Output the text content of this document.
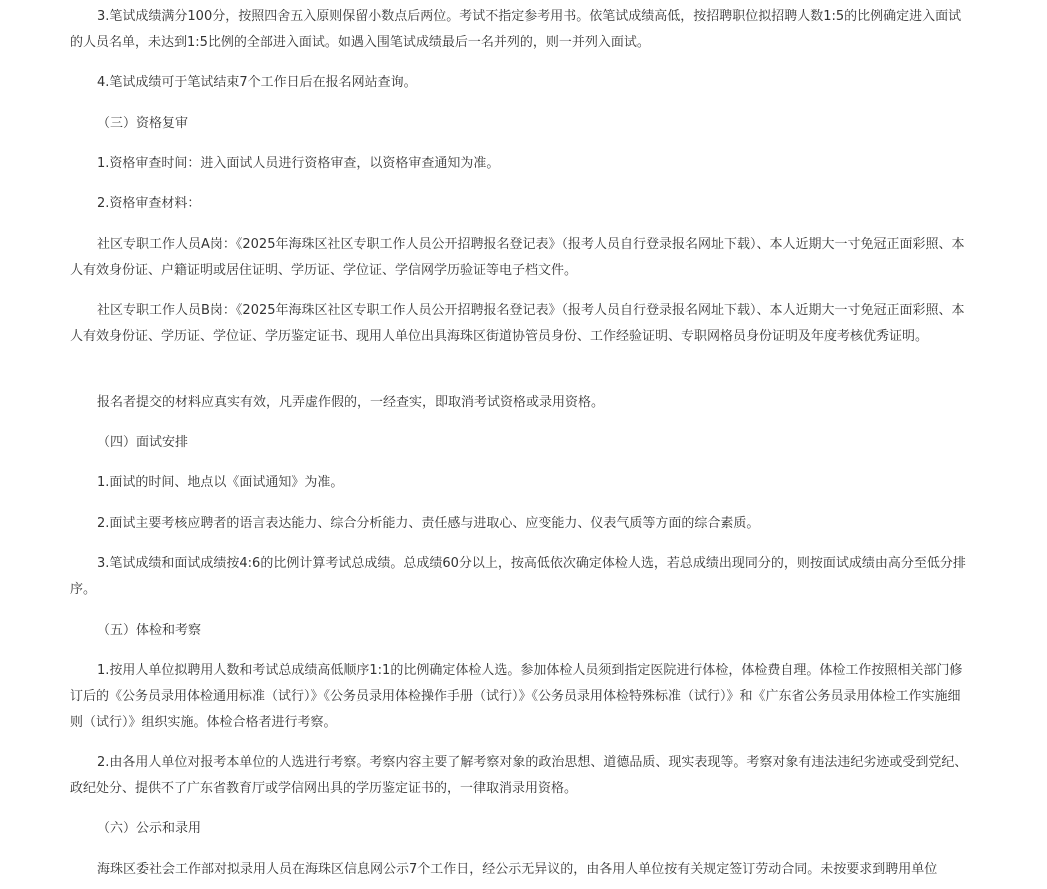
3.笔试成绩满分100分，按照四舍五入原则保留小数点后两位。考试不指定参考用书。依笔试成绩高低，按招聘职位拟招聘人数1:5的比例确定进入面试的人员名单，未达到1:5比例的全部进入面试。如遇入围笔试成绩最后一名并列的，则一并列入面试。

4.笔试成绩可于笔试结束7个工作日后在报名网站查询。

（三）资格复审

1.资格审查时间：进入面试人员进行资格审查，以资格审查通知为准。

2.资格审查材料：

社区专职工作人员A岗：《2025年海珠区社区专职工作人员公开招聘报名登记表》（报考人员自行登录报名网址下载）、本人近期大一寸免冠正面彩照、本人有效身份证、户籍证明或居住证明、学历证、学位证、学信网学历验证等电子档文件。

社区专职工作人员B岗：《2025年海珠区社区专职工作人员公开招聘报名登记表》（报考人员自行登录报名网址下载）、本人近期大一寸免冠正面彩照、本人有效身份证、学历证、学位证、学历鉴定证书、现用人单位出具海珠区街道协管员身份、工作经验证明、专职网格员身份证明及年度考核优秀证明。

报名者提交的材料应真实有效，凡弄虚作假的，一经查实，即取消考试资格或录用资格。

（四）面试安排

1.面试的时间、地点以《面试通知》为准。

2.面试主要考核应聘者的语言表达能力、综合分析能力、责任感与进取心、应变能力、仪表气质等方面的综合素质。

3.笔试成绩和面试成绩按4:6的比例计算考试总成绩。总成绩60分以上，按高低依次确定体检人选，若总成绩出现同分的，则按面试成绩由高分至低分排序。

（五）体检和考察

1.按用人单位拟聘用人数和考试总成绩高低顺序1:1的比例确定体检人选。参加体检人员须到指定医院进行体检，体检费自理。体检工作按照相关部门修订后的《公务员录用体检通用标准（试行）》《公务员录用体检操作手册（试行）》《公务员录用体检特殊标准（试行）》和《广东省公务员录用体检工作实施细则（试行）》组织实施。体检合格者进行考察。

2.由各用人单位对报考本单位的人选进行考察。考察内容主要了解考察对象的政治思想、道德品质、现实表现等。考察对象有违法违纪劣迹或受到党纪、政纪处分、提供不了广东省教育厅或学信网出具的学历鉴定证书的，一律取消录用资格。

（六）公示和录用

海珠区委社会工作部对拟录用人员在海珠区信息网公示7个工作日，经公示无异议的，由各用人单位按有关规定签订劳动合同。未按要求到聘用单位
